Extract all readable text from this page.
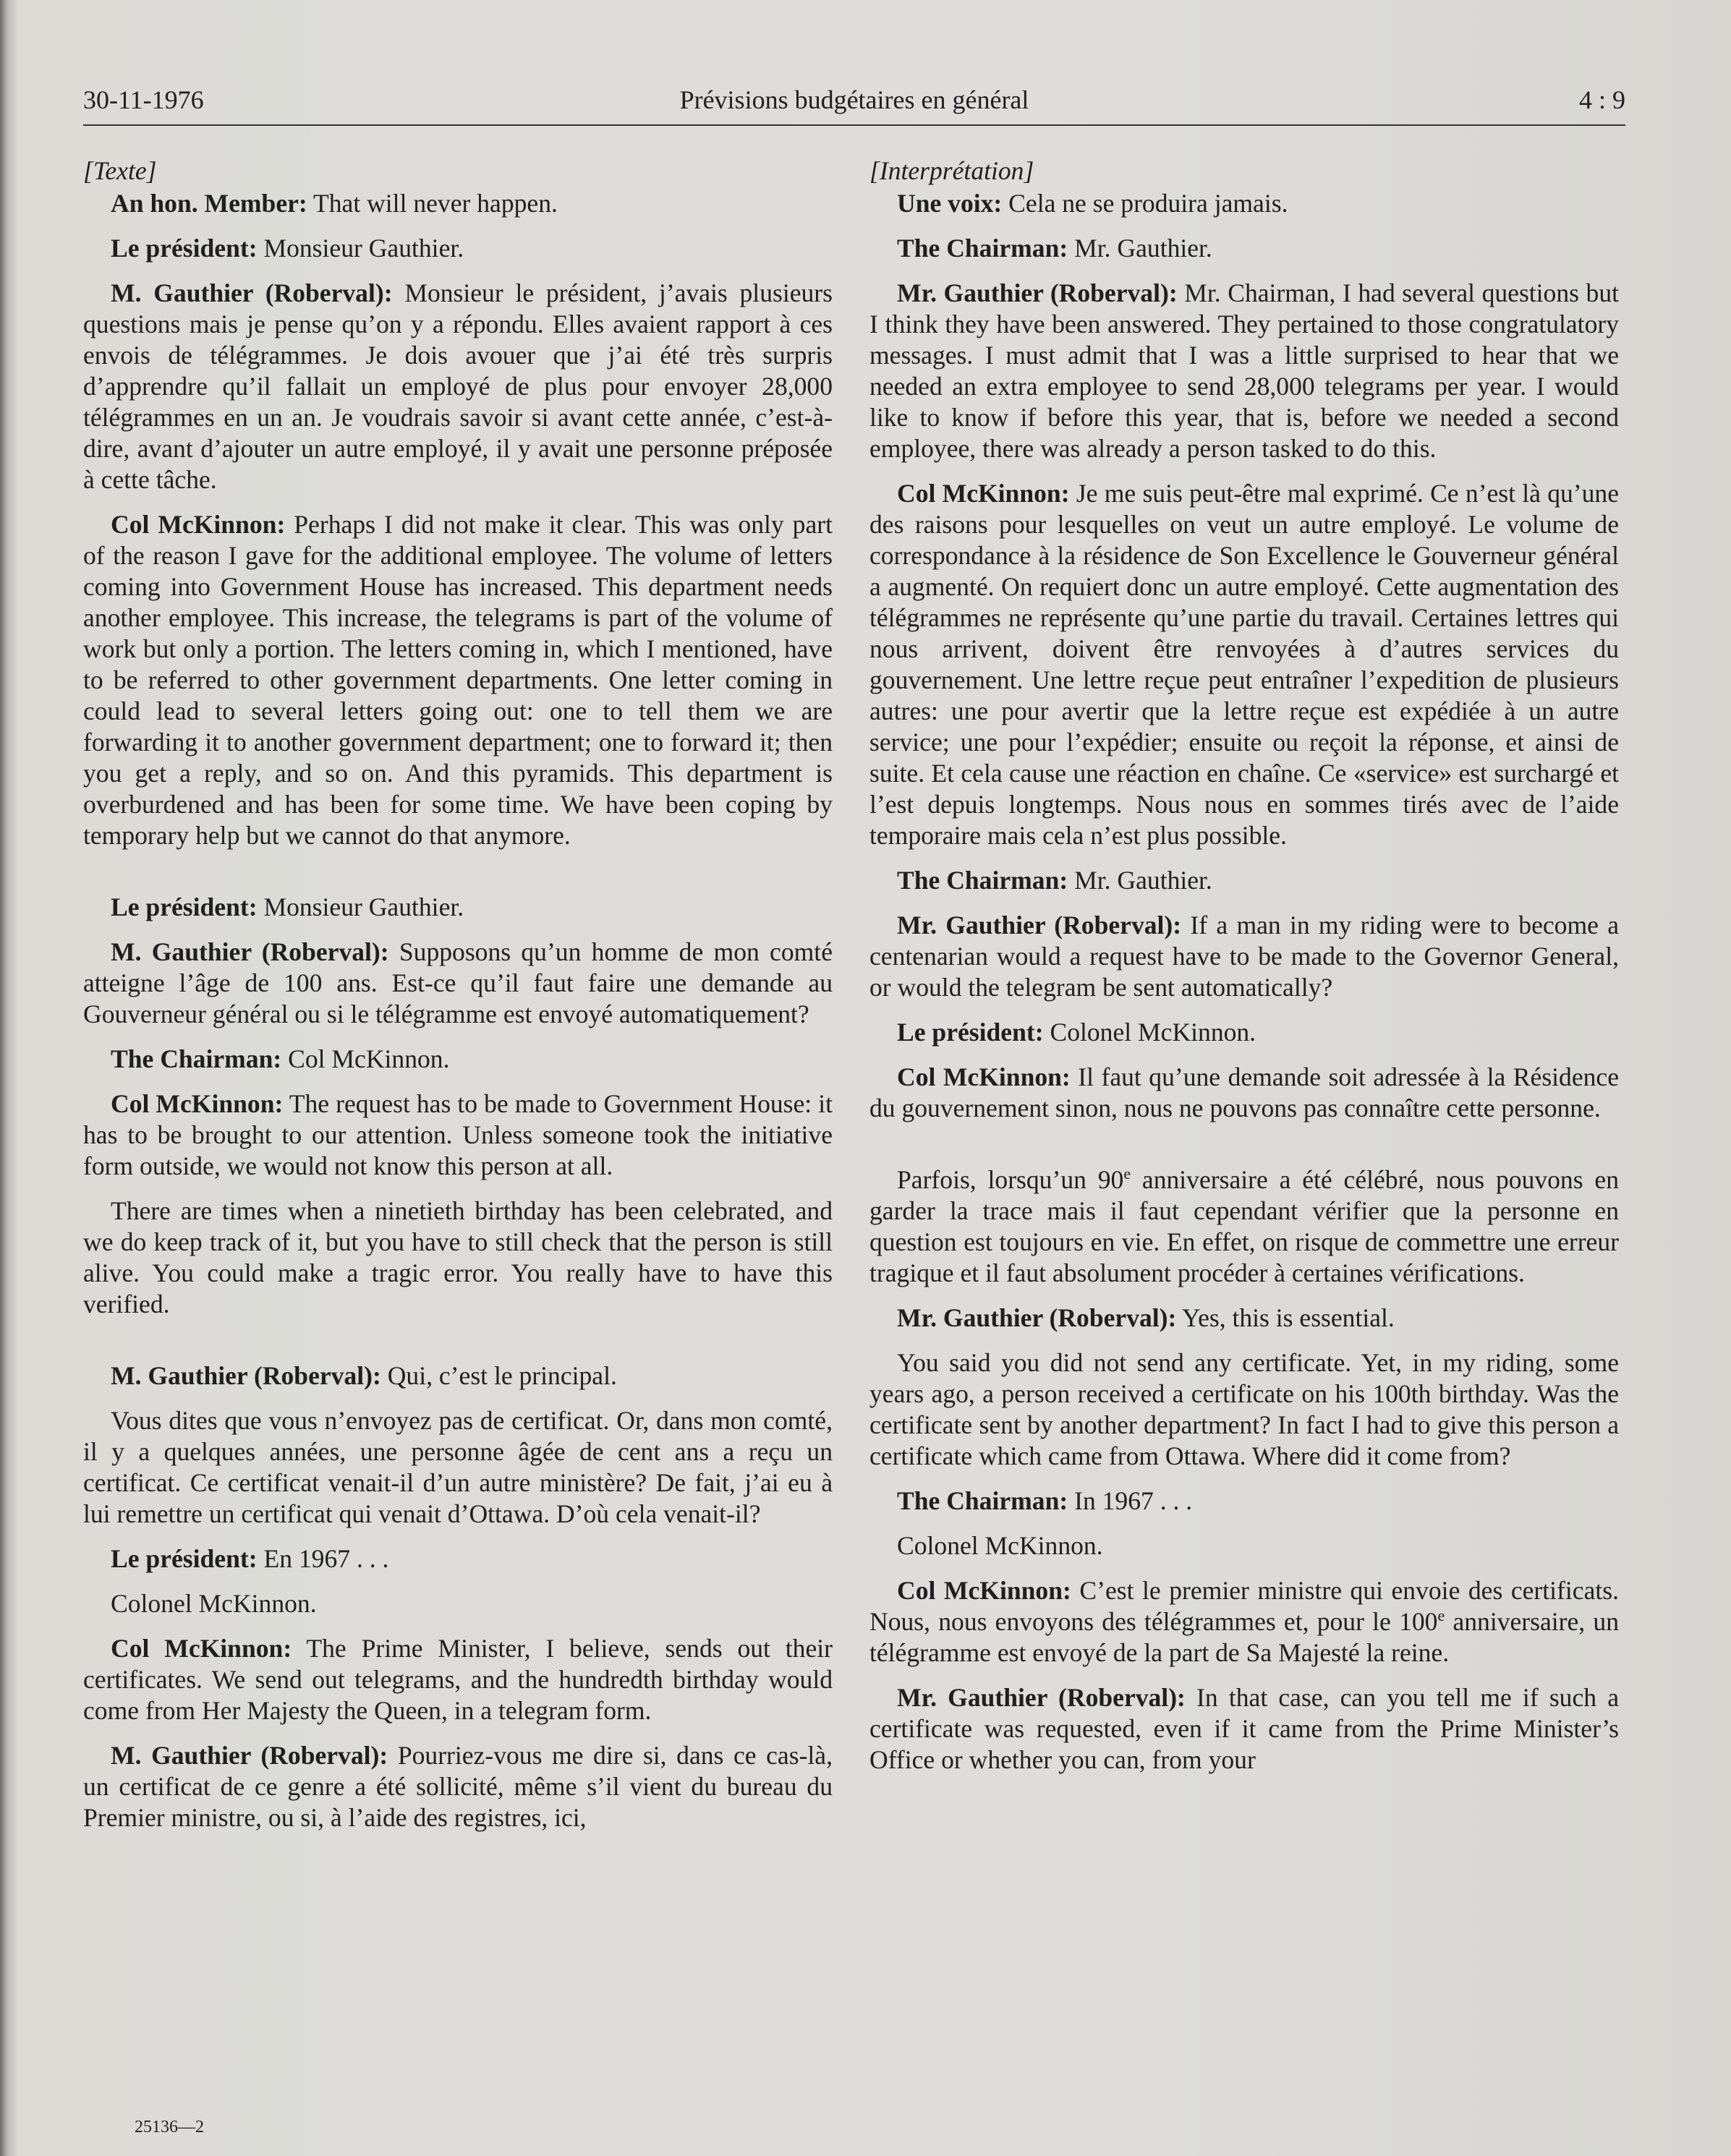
30-11-1976	Prévisions budgétaires en général	4 : 9

[Texte]

An hon. Member: That will never happen.

Le président: Monsieur Gauthier.

M. Gauthier (Roberval): Monsieur le président, j’avais plusieurs questions mais je pense qu’on y a répondu. Elles avaient rapport à ces envois de télégrammes. Je dois avouer que j’ai été très surpris d’apprendre qu’il fallait un employé de plus pour envoyer 28,000 télégrammes en un an. Je voudrais savoir si avant cette année, c’est-à-dire, avant d’ajouter un autre employé, il y avait une personne préposée à cette tâche.

Col McKinnon: Perhaps I did not make it clear. This was only part of the reason I gave for the additional employee. The volume of letters coming into Government House has increased. This department needs another employee. This increase, the telegrams is part of the volume of work but only a portion. The letters coming in, which I mentioned, have to be referred to other government departments. One letter coming in could lead to several letters going out: one to tell them we are forwarding it to another government department; one to forward it; then you get a reply, and so on. And this pyramids. This department is overburdened and has been for some time. We have been coping by temporary help but we cannot do that anymore.

Le président: Monsieur Gauthier.

M. Gauthier (Roberval): Supposons qu’un homme de mon comté atteigne l’âge de 100 ans. Est-ce qu’il faut faire une demande au Gouverneur général ou si le télégramme est envoyé automatiquement?

The Chairman: Col McKinnon.

Col McKinnon: The request has to be made to Government House: it has to be brought to our attention. Unless someone took the initiative form outside, we would not know this person at all.

There are times when a ninetieth birthday has been celebrated, and we do keep track of it, but you have to still check that the person is still alive. You could make a tragic error. You really have to have this verified.

M. Gauthier (Roberval): Qui, c’est le principal.

Vous dites que vous n’envoyez pas de certificat. Or, dans mon comté, il y a quelques années, une personne âgée de cent ans a reçu un certificat. Ce certificat venait-il d’un autre ministère? De fait, j’ai eu à lui remettre un certificat qui venait d’Ottawa. D’où cela venait-il?

Le président: En 1967 . . .

Colonel McKinnon.

Col McKinnon: The Prime Minister, I believe, sends out their certificates. We send out telegrams, and the hundredth birthday would come from Her Majesty the Queen, in a telegram form.

M. Gauthier (Roberval): Pourriez-vous me dire si, dans ce cas-là, un certificat de ce genre a été sollicité, même s’il vient du bureau du Premier ministre, ou si, à l’aide des registres, ici,

[Interprétation]

Une voix: Cela ne se produira jamais.

The Chairman: Mr. Gauthier.

Mr. Gauthier (Roberval): Mr. Chairman, I had several questions but I think they have been answered. They pertained to those congratulatory messages. I must admit that I was a little surprised to hear that we needed an extra employee to send 28,000 telegrams per year. I would like to know if before this year, that is, before we needed a second employee, there was already a person tasked to do this.

Col McKinnon: Je me suis peut-être mal exprimé. Ce n’est là qu’une des raisons pour lesquelles on veut un autre employé. Le volume de correspondance à la résidence de Son Excellence le Gouverneur général a augmenté. On requiert donc un autre employé. Cette augmentation des télégrammes ne représente qu’une partie du travail. Certaines lettres qui nous arrivent, doivent être renvoyées à d’autres services du gouvernement. Une lettre reçue peut entraîner l’expedition de plusieurs autres: une pour avertir que la lettre reçue est expédiée à un autre service; une pour l’expédier; ensuite ou reçoit la réponse, et ainsi de suite. Et cela cause une réaction en chaîne. Ce «service» est surchargé et l’est depuis longtemps. Nous nous en sommes tirés avec de l’aide temporaire mais cela n’est plus possible.

The Chairman: Mr. Gauthier.

Mr. Gauthier (Roberval): If a man in my riding were to become a centenarian would a request have to be made to the Governor General, or would the telegram be sent automatically?

Le président: Colonel McKinnon.

Col McKinnon: Il faut qu’une demande soit adressée à la Résidence du gouvernement sinon, nous ne pouvons pas connaître cette personne.

Parfois, lorsqu’un 90e anniversaire a été célébré, nous pouvons en garder la trace mais il faut cependant vérifier que la personne en question est toujours en vie. En effet, on risque de commettre une erreur tragique et il faut absolument procéder à certaines vérifications.

Mr. Gauthier (Roberval): Yes, this is essential.

You said you did not send any certificate. Yet, in my riding, some years ago, a person received a certificate on his 100th birthday. Was the certificate sent by another department? In fact I had to give this person a certificate which came from Ottawa. Where did it come from?

The Chairman: In 1967 . . .

Colonel McKinnon.

Col McKinnon: C’est le premier ministre qui envoie des certificats. Nous, nous envoyons des télégrammes et, pour le 100e anniversaire, un télégramme est envoyé de la part de Sa Majesté la reine.

Mr. Gauthier (Roberval): In that case, can you tell me if such a certificate was requested, even if it came from the Prime Minister’s Office or whether you can, from your

25136—2
